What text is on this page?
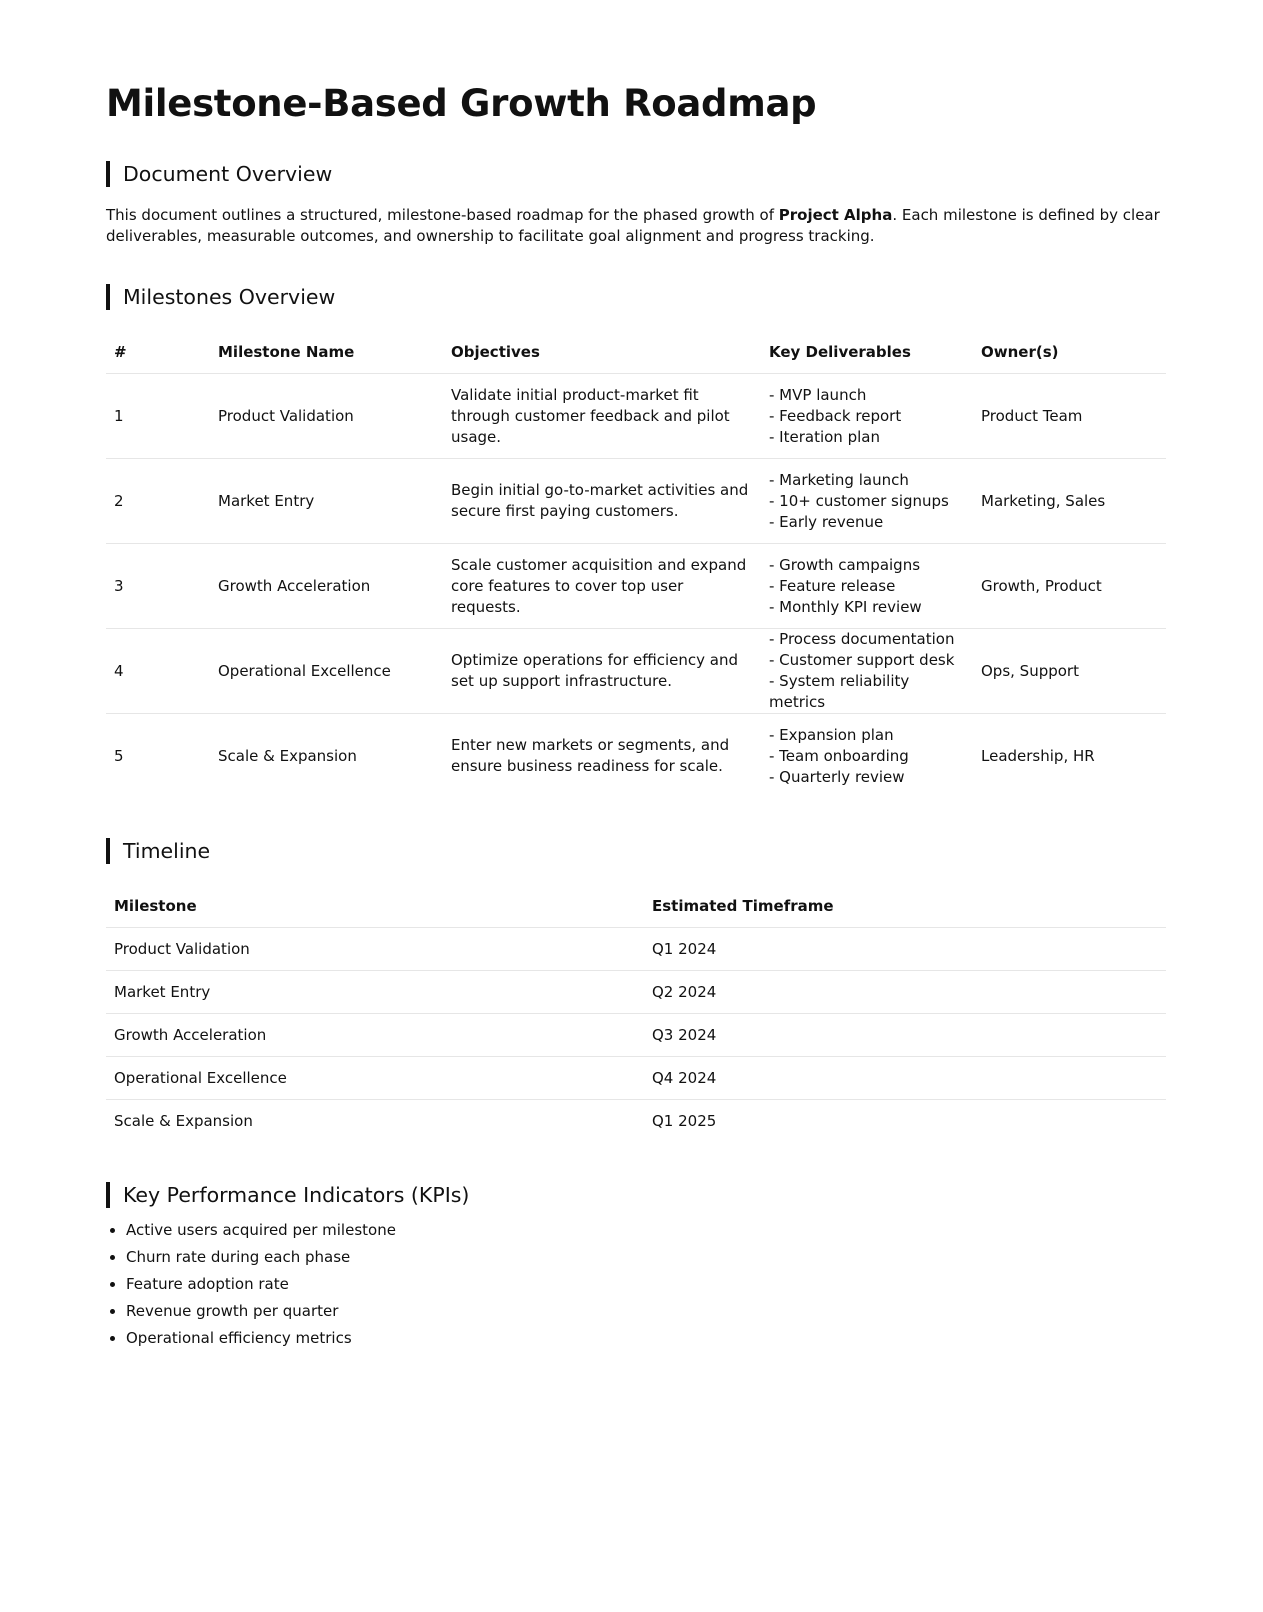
Milestone-Based Growth Roadmap
Document Overview

This document outlines a structured, milestone-based roadmap for the phased growth of Project Alpha. Each milestone is defined by clear deliverables, measurable outcomes, and ownership to facilitate goal alignment and progress tracking.

Milestones Overview
#	Milestone Name	Objectives	Key Deliverables	Owner(s)
1	Product Validation	Validate initial product-market fit through customer feedback and pilot usage.	- MVP launch
- Feedback report
- Iteration plan	Product Team
2	Market Entry	Begin initial go-to-market activities and secure first paying customers.	- Marketing launch
- 10+ customer signups
- Early revenue	Marketing, Sales
3	Growth Acceleration	Scale customer acquisition and expand core features to cover top user requests.	- Growth campaigns
- Feature release
- Monthly KPI review	Growth, Product
4	Operational Excellence	Optimize operations for efficiency and set up support infrastructure.	- Process documentation
- Customer support desk
- System reliability metrics	Ops, Support
5	Scale & Expansion	Enter new markets or segments, and ensure business readiness for scale.	- Expansion plan
- Team onboarding
- Quarterly review	Leadership, HR
Timeline
Milestone	Estimated Timeframe
Product Validation	Q1 2024
Market Entry	Q2 2024
Growth Acceleration	Q3 2024
Operational Excellence	Q4 2024
Scale & Expansion	Q1 2025
Key Performance Indicators (KPIs)
• Active users acquired per milestone
• Churn rate during each phase
• Feature adoption rate
• Revenue growth per quarter
• Operational efficiency metrics
